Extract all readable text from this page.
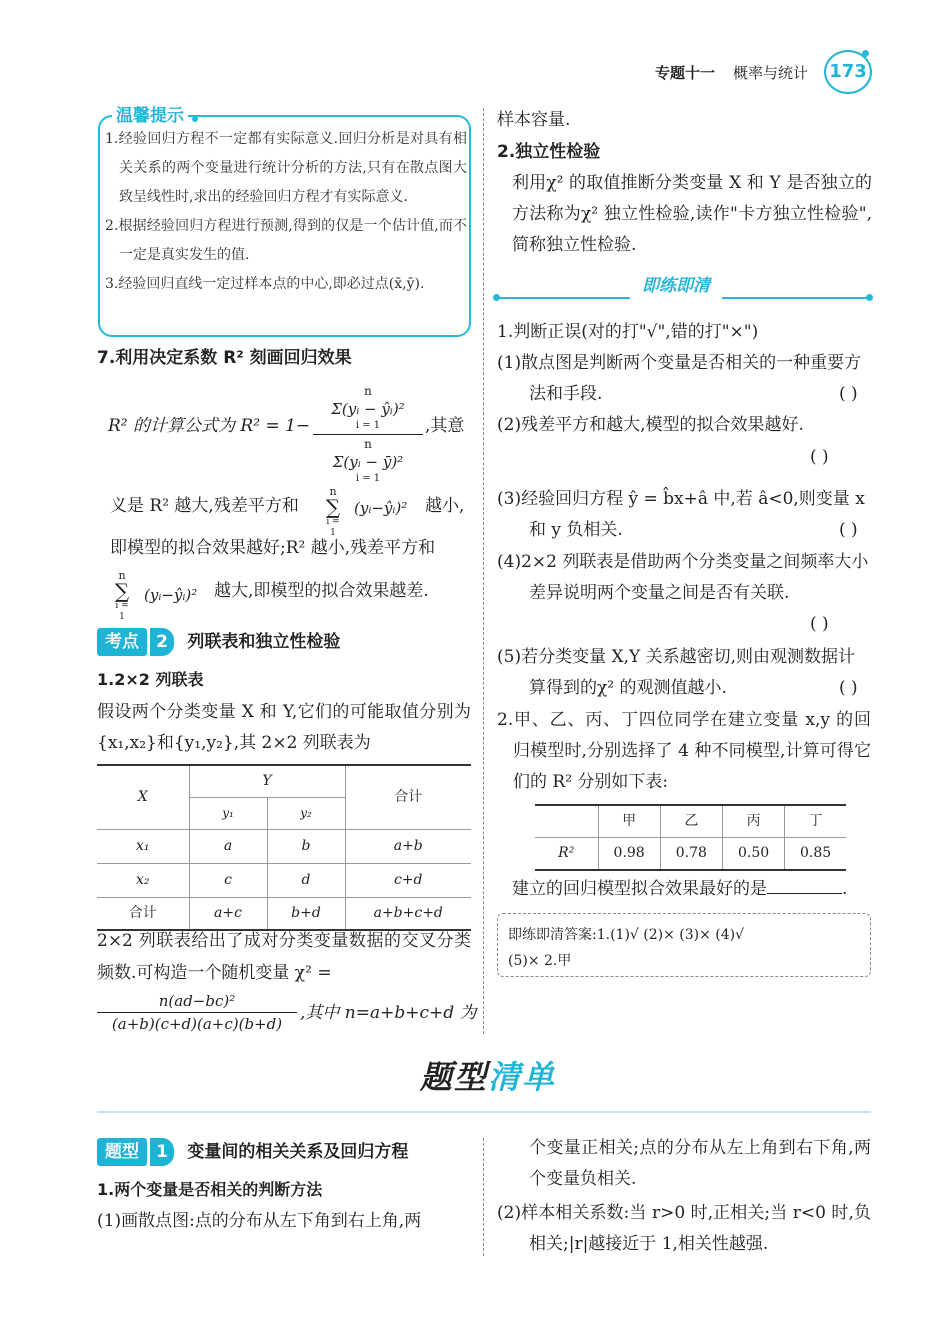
专题十一 概率与统计 173
温馨提示

1.经验回归方程不一定都有实际意义.回归分析是对具有相关关系的两个变量进行统计分析的方法,只有在散点图大致呈线性时,求出的经验回归方程才有实际意义.

2.根据经验回归方程进行预测,得到的仅是一个估计值,而不一定是真实发生的值.

3.经验回归直线一定过样本点的中心,即必过点(x̄,ȳ).

7.利用决定系数 R² 刻画回归效果
R² 的计算公式为 R² = 1−
n
Σ(yᵢ − ŷᵢ)²
i = 1
n
Σ(yᵢ − ȳ)²
i = 1
,其意
义是 R² 越大,残差平方和
n
∑
i = 1
(yᵢ−ŷᵢ)² 越小,
即模型的拟合效果越好;R² 越小,残差平方和
n
∑
i = 1
(yᵢ−ŷᵢ)² 越大,即模型的拟合效果越差.
考点 2 列联表和独立性检验
1.2×2 列联表
假设两个分类变量 X 和 Y,它们的可能取值分别为{x₁,x₂}和{y₁,y₂},其 2×2 列联表为
X	Y		合计
	y₁	y₂	
x₁	a	b	a+b
x₂	c	d	c+d
合计	a+c	b+d	a+b+c+d
2×2 列联表给出了成对分类变量数据的交叉分类频数.可构造一个随机变量 χ² =
n(ad−bc)²
(a+b)(c+d)(a+c)(b+d)
,其中 n=a+b+c+d 为
样本容量.
2.独立性检验
利用χ² 的取值推断分类变量 X 和 Y 是否独立的方法称为χ² 独立性检验,读作"卡方独立性检验",简称独立性检验.
即练即清
1.判断正误(对的打"√",错的打"×")
(1)散点图是判断两个变量是否相关的一种重要方法和手段.	( )
(2)残差平方和越大,模型的拟合效果越好.
( )
(3)经验回归方程 ŷ = b̂x+â 中,若 â<0,则变量 x 和 y 负相关.	( )
(4)2×2 列联表是借助两个分类变量之间频率大小差异说明两个变量之间是否有关联.
( )
(5)若分类变量 X,Y 关系越密切,则由观测数据计算得到的χ² 的观测值越小.	( )
2.甲、乙、丙、丁四位同学在建立变量 x,y 的回归模型时,分别选择了 4 种不同模型,计算可得它们的 R² 分别如下表:
	甲	乙	丙	丁
R²	0.98	0.78	0.50	0.85
建立的回归模型拟合效果最好的是	.
即练即清答案:1.(1)√ (2)× (3)× (4)√
(5)× 2.甲
题型清单
题型 1 变量间的相关关系及回归方程
1.两个变量是否相关的判断方法
(1)画散点图:点的分布从左下角到右上角,两
个变量正相关;点的分布从左上角到右下角,两个变量负相关.
(2)样本相关系数:当 r>0 时,正相关;当 r<0 时,负相关;|r|越接近于 1,相关性越强.
